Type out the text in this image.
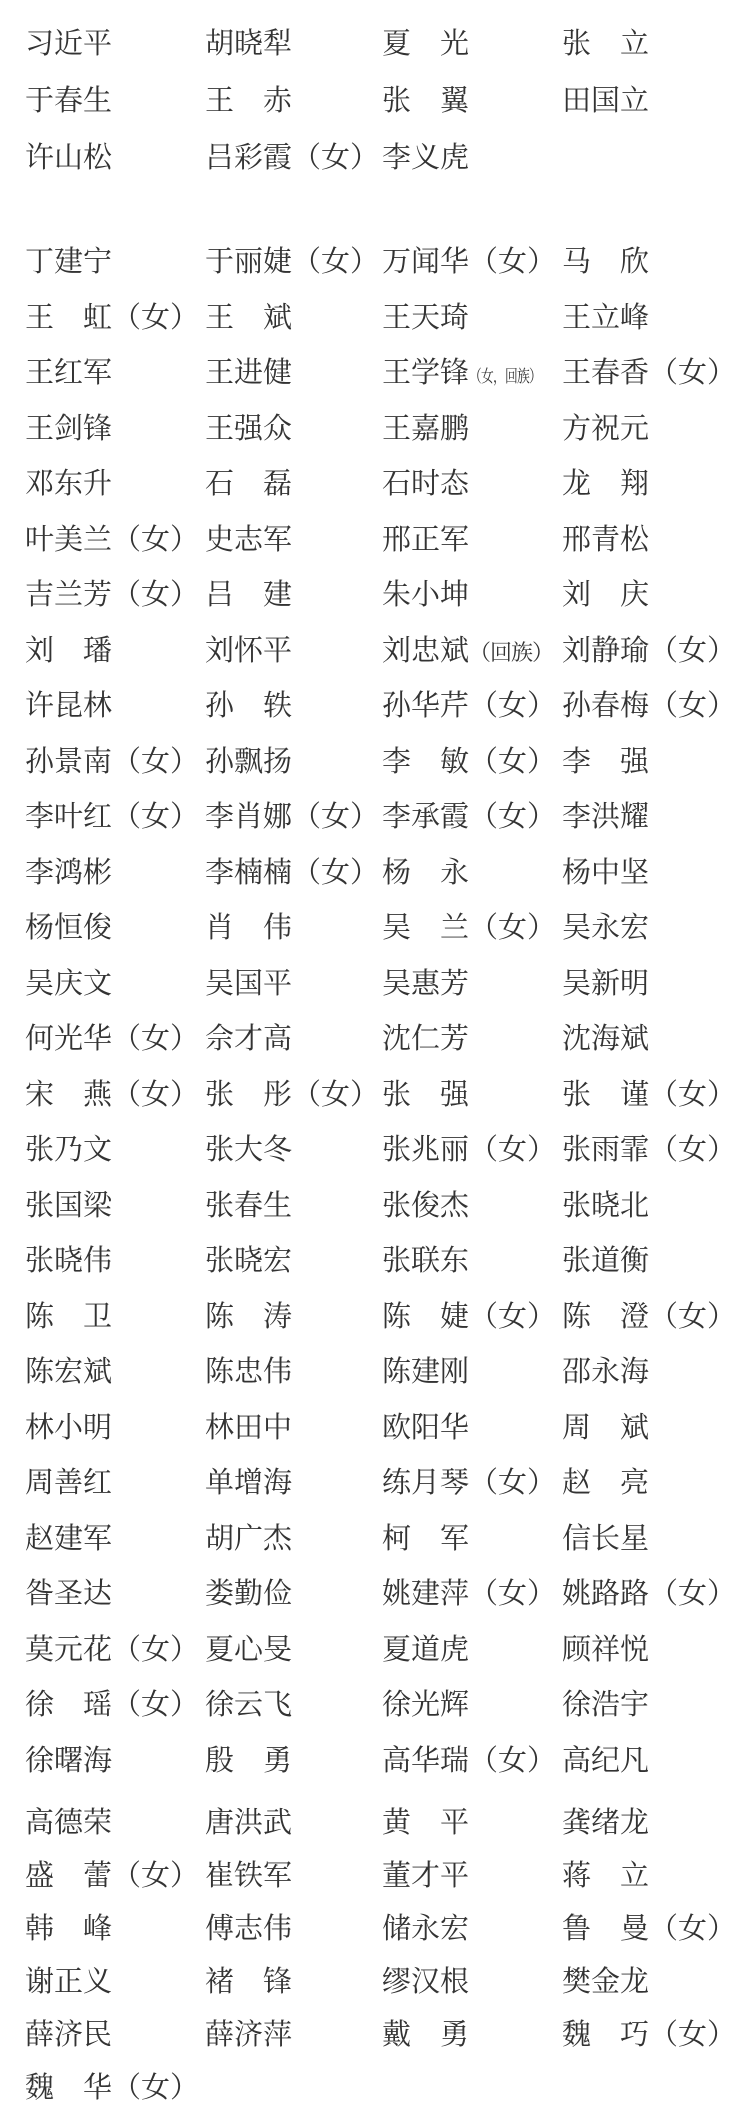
习近平	胡晓犁	夏 光	张 立
于春生	王 赤	张 翼	田国立
许山松	吕彩霞（女） 李义虎
丁建宁	于丽婕（女） 万闻华（女） 马 欣
王 虹（女） 王 斌	王天琦	王立峰
王红军	王进健	王学锋（女，回族） 王春香（女）
王剑锋	王强众	王嘉鹏	方祝元
邓东升	石 磊	石时态	龙 翔
叶美兰（女） 史志军	邢正军	邢青松
吉兰芳（女） 吕 建	朱小坤	刘 庆
刘 璠	刘怀平	刘忠斌（回族） 刘静瑜（女）
许昆林	孙 轶	孙华芹（女） 孙春梅（女）
孙景南（女） 孙飘扬	李 敏（女） 李 强
李叶红（女） 李肖娜（女） 李承霞（女） 李洪耀
李鸿彬	李楠楠（女） 杨 永	杨中坚
杨恒俊	肖 伟	吴 兰（女） 吴永宏
吴庆文	吴国平	吴惠芳	吴新明
何光华（女） 佘才高	沈仁芳	沈海斌
宋 燕（女） 张 彤（女） 张 强	张 谨（女）
张乃文	张大冬	张兆丽（女） 张雨霏（女）
张国梁	张春生	张俊杰	张晓北
张晓伟	张晓宏	张联东	张道衡
陈 卫	陈 涛	陈 婕（女） 陈 澄（女）
陈宏斌	陈忠伟	陈建刚	邵永海
林小明	林田中	欧阳华	周 斌
周善红	单增海	练月琴（女） 赵 亮
赵建军	胡广杰	柯 军	信长星
昝圣达	娄勤俭	姚建萍（女） 姚路路（女）
莫元花（女） 夏心旻	夏道虎	顾祥悦
徐 瑶（女） 徐云飞	徐光辉	徐浩宇
徐曙海	殷 勇	高华瑞（女） 高纪凡
高德荣	唐洪武	黄 平	龚绪龙
盛 蕾（女） 崔铁军	董才平	蒋 立
韩 峰	傅志伟	储永宏	鲁 曼（女）
谢正义	褚 锋	缪汉根	樊金龙
薛济民	薛济萍	戴 勇	魏 巧（女）
魏 华（女）
